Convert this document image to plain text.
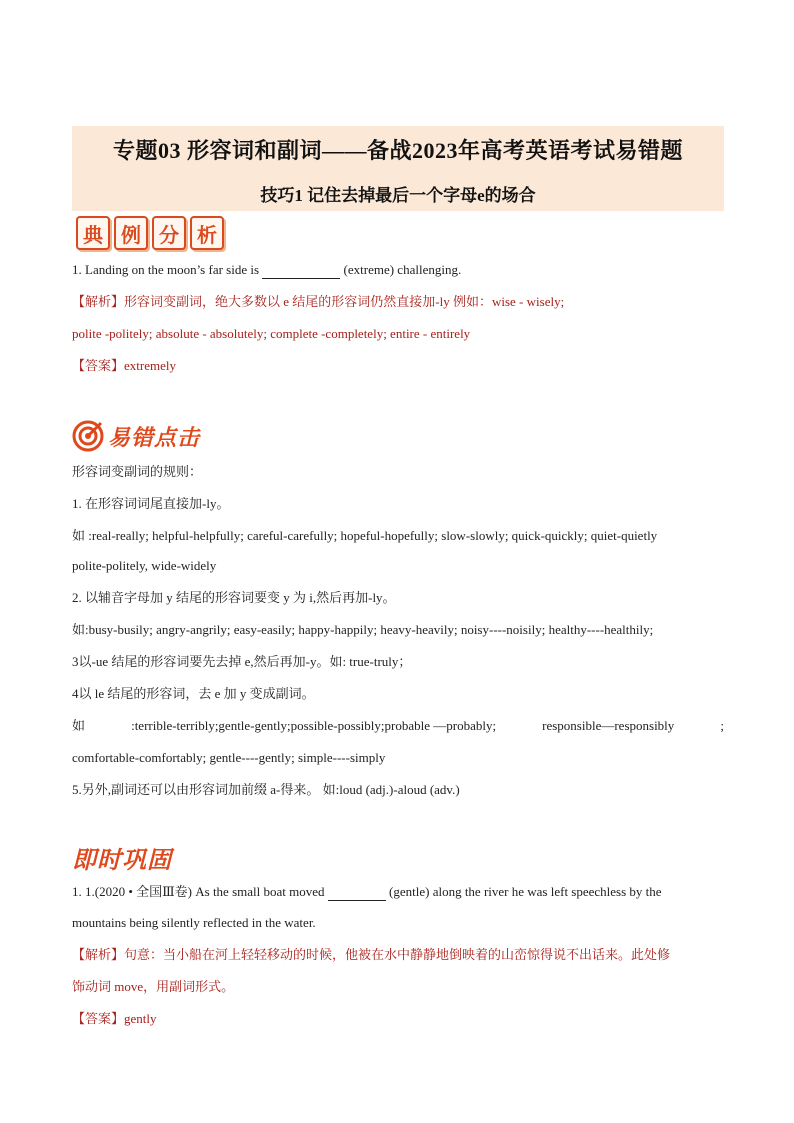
专题03 形容词和副词——备战2023年高考英语考试易错题
技巧1 记住去掉最后一个字母e的场合
典 例 分 析
1. Landing on the moon’s far side is	(extreme) challenging.
【解析】形容词变副词，绝大多数以 e 结尾的形容词仍然直接加-ly 例如：wise - wisely;
polite -politely; absolute - absolutely; complete -completely; entire - entirely
【答案】extremely
易错点击
形容词变副词的规则：
1. 在形容词词尾直接加-ly。
如 :real-really; helpful-helpfully; careful-carefully; hopeful-hopefully; slow-slowly; quick-quickly; quiet-quietly
polite-politely, wide-widely
2. 以辅音字母加 y 结尾的形容词要变 y 为 i,然后再加-ly。
如:busy-busily; angry-angrily; easy-easily; happy-happily; heavy-heavily; noisy----noisily; healthy----healthily;
3以-ue 结尾的形容词要先去掉 e,然后再加-y。如: true-truly；
4以 le 结尾的形容词，去 e 加 y 变成副词。
如	:terrible-terribly;gentle-gently;possible-possibly;probable —probably;	responsible—responsibly	;
comfortable-comfortably; gentle----gently; simple----simply
5.另外,副词还可以由形容词加前缀 a-得来。 如:loud (adj.)-aloud (adv.)
即时巩固
1. 1.(2020 • 全国Ⅲ卷) As the small boat moved	(gentle) along the river he was left speechless by the
mountains being silently reflected in the water.
【解析】句意：当小船在河上轻轻移动的时候，他被在水中静静地倒映着的山峦惊得说不出话来。此处修
饰动词 move，用副词形式。
【答案】gently
